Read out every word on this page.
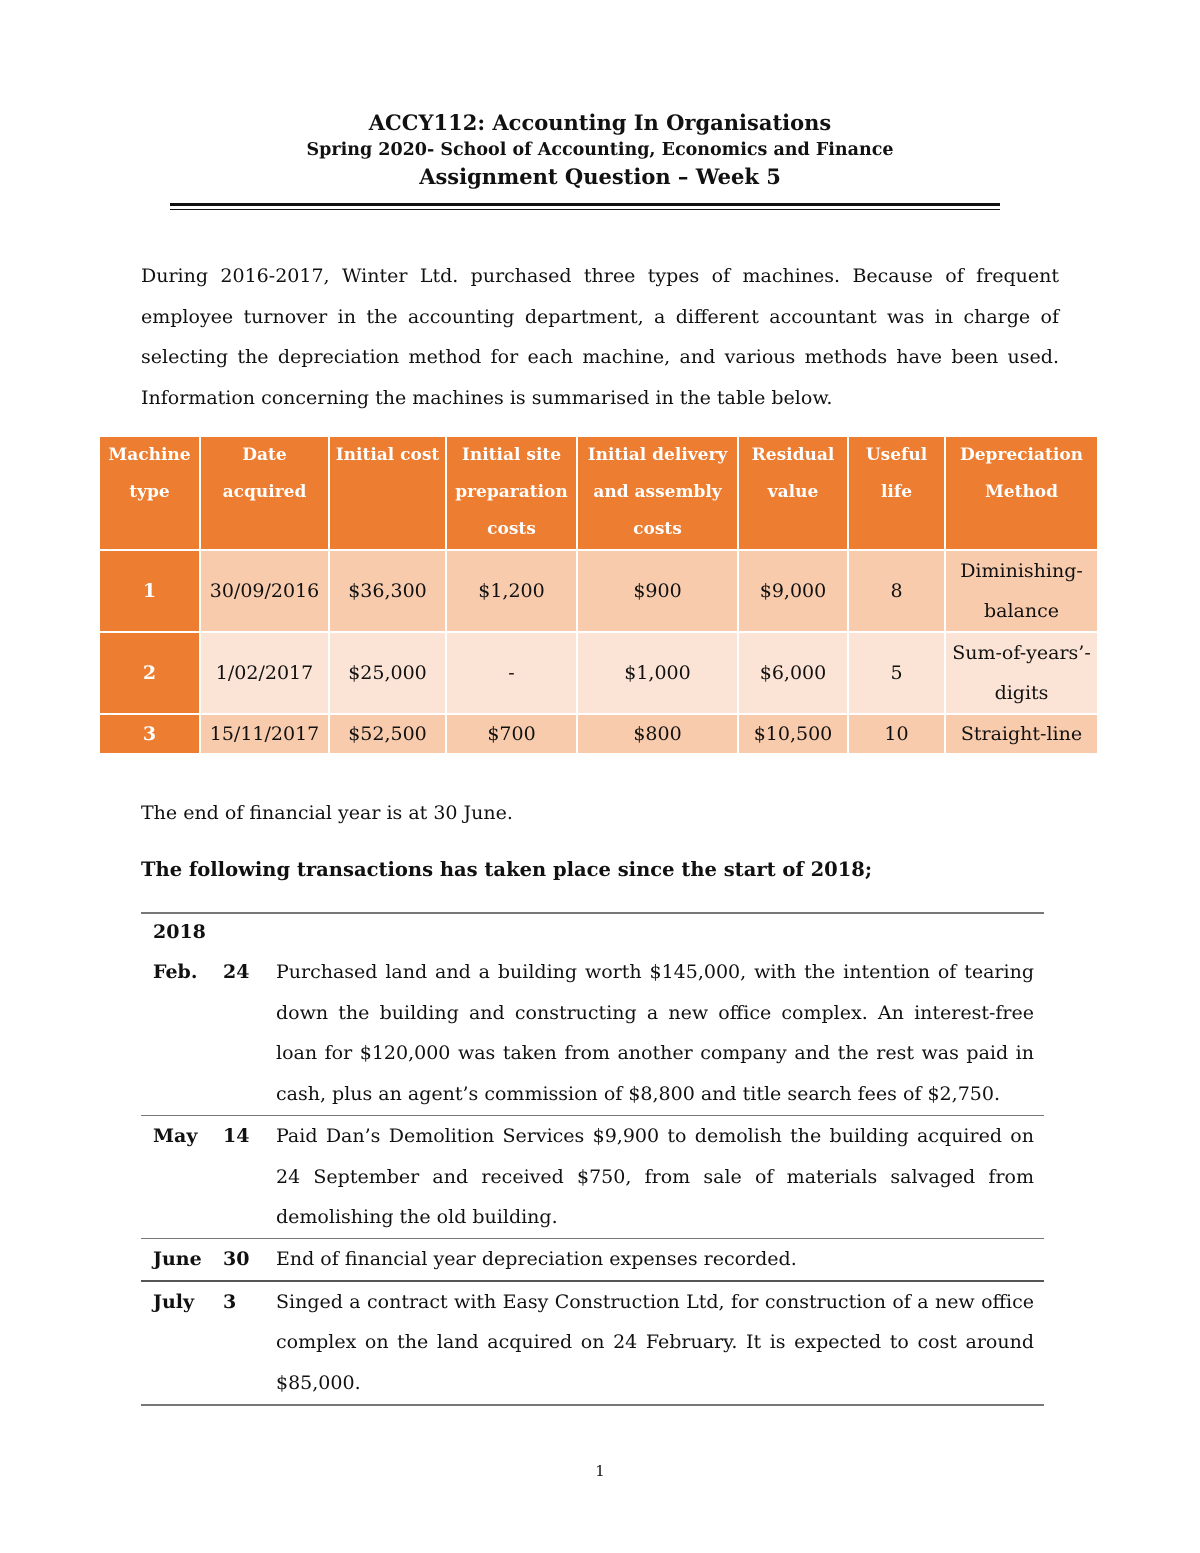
ACCY112: Accounting In Organisations
Spring 2020- School of Accounting, Economics and Finance
Assignment Question – Week 5

During 2016-2017, Winter Ltd. purchased three types of machines. Because of frequent employee turnover in the accounting department, a different accountant was in charge of selecting the depreciation method for each machine, and various methods have been used. Information concerning the machines is summarised in the table below.

Machine type	Date acquired	Initial cost	Initial site preparation costs	Initial delivery and assembly costs	Residual value	Useful life	Depreciation Method
1	30/09/2016	$36,300	$1,200	$900	$9,000	8	Diminishing-balance
2	1/02/2017	$25,000	-	$1,000	$6,000	5	Sum-of-years’-digits
3	15/11/2017	$52,500	$700	$800	$10,500	10	Straight-line
The end of financial year is at 30 June.
The following transactions has taken place since the start of 2018;
2018
Feb.	24	Purchased land and a building worth $145,000, with the intention of tearing down the building and constructing a new office complex. An interest-free loan for $120,000 was taken from another company and the rest was paid in cash, plus an agent’s commission of $8,800 and title search fees of $2,750.
May	14	Paid Dan’s Demolition Services $9,900 to demolish the building acquired on 24 September and received $750, from sale of materials salvaged from demolishing the old building.
June	30	End of financial year depreciation expenses recorded.
July	3	Singed a contract with Easy Construction Ltd, for construction of a new office complex on the land acquired on 24 February. It is expected to cost around $85,000.
1
